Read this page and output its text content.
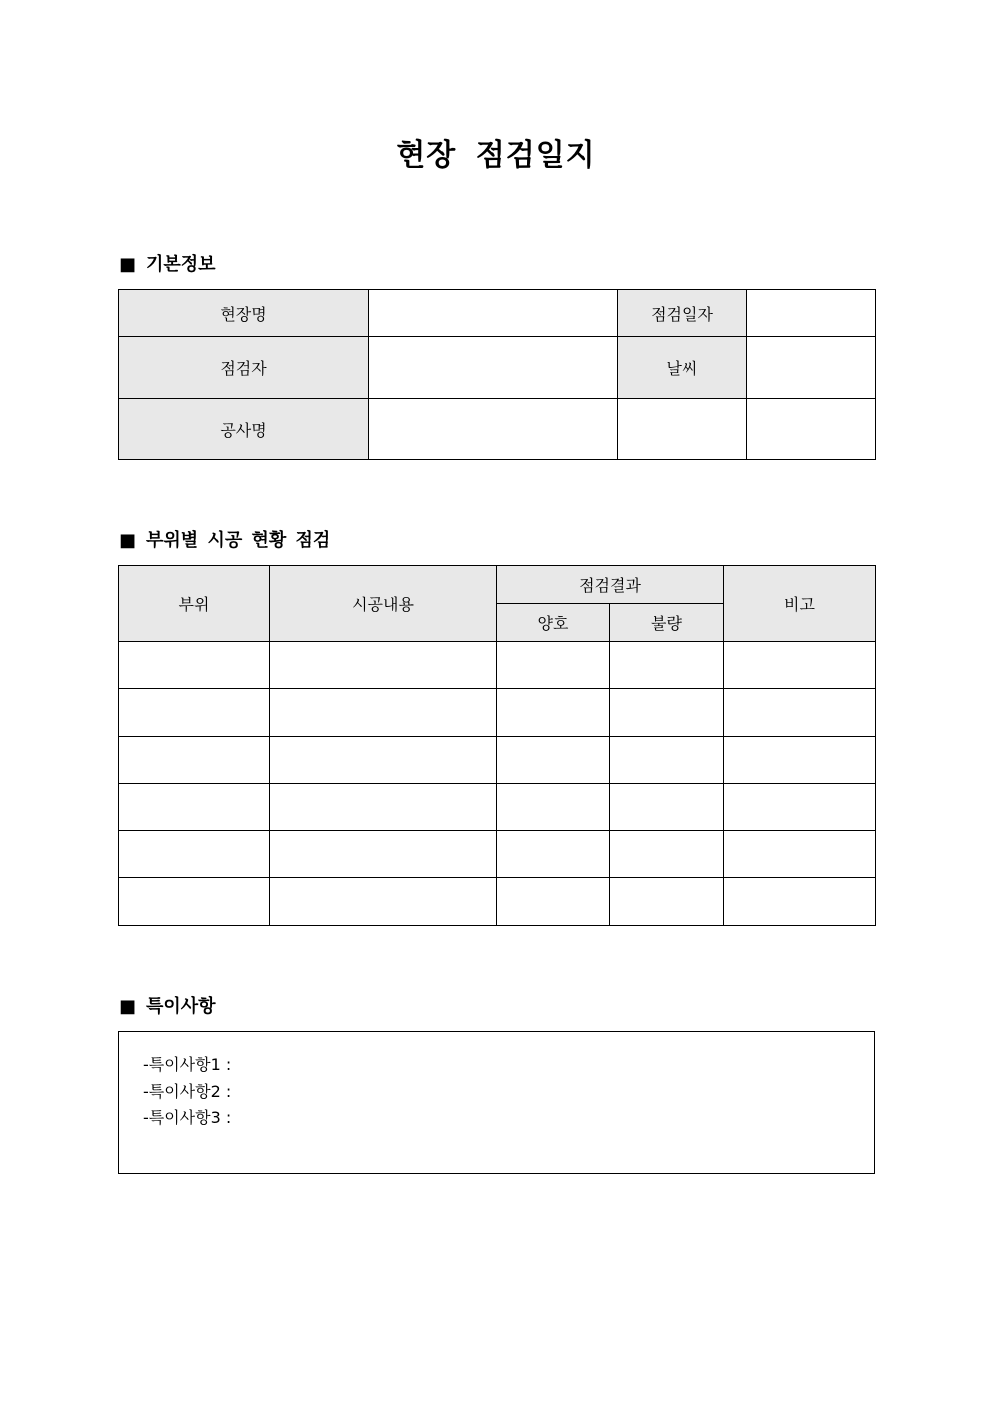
현장 점검일지
■ 기본정보
현장명		점검일자	
점검자		날씨	
공사명			
■ 부위별 시공 현황 점검
부위	시공내용	점검결과		비고
		양호	불량	

■ 특이사항
-특이사항1 :
-특이사항2 :
-특이사항3 :
